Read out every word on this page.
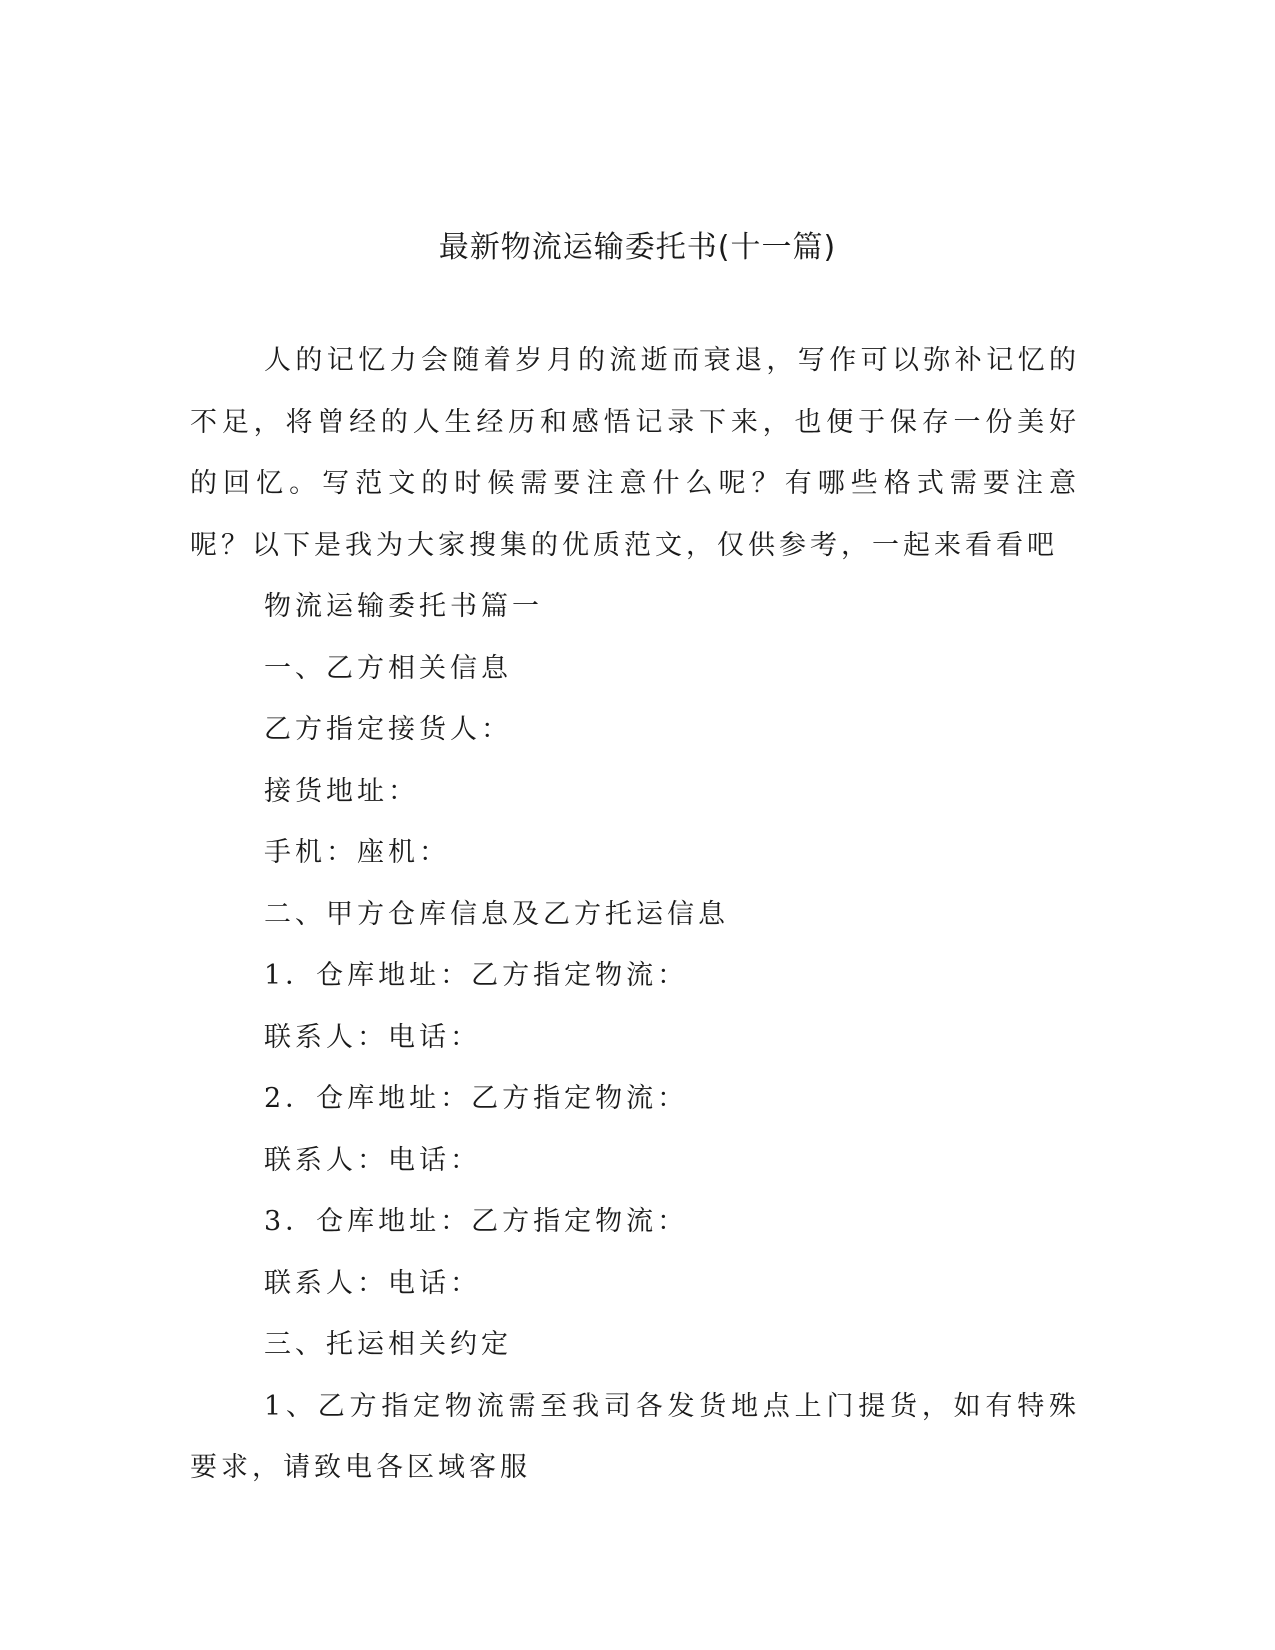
最新物流运输委托书(十一篇)

人的记忆力会随着岁月的流逝而衰退，写作可以弥补记忆的不足，将曾经的人生经历和感悟记录下来，也便于保存一份美好的回忆。写范文的时候需要注意什么呢？有哪些格式需要注意呢？以下是我为大家搜集的优质范文，仅供参考，一起来看看吧

物流运输委托书篇一

一、乙方相关信息

乙方指定接货人：

接货地址：

手机：座机：

二、甲方仓库信息及乙方托运信息

1．仓库地址：乙方指定物流：

联系人：电话：

2．仓库地址：乙方指定物流：

联系人：电话：

3．仓库地址：乙方指定物流：

联系人：电话：

三、托运相关约定

1、乙方指定物流需至我司各发货地点上门提货，如有特殊要求，请致电各区域客服
